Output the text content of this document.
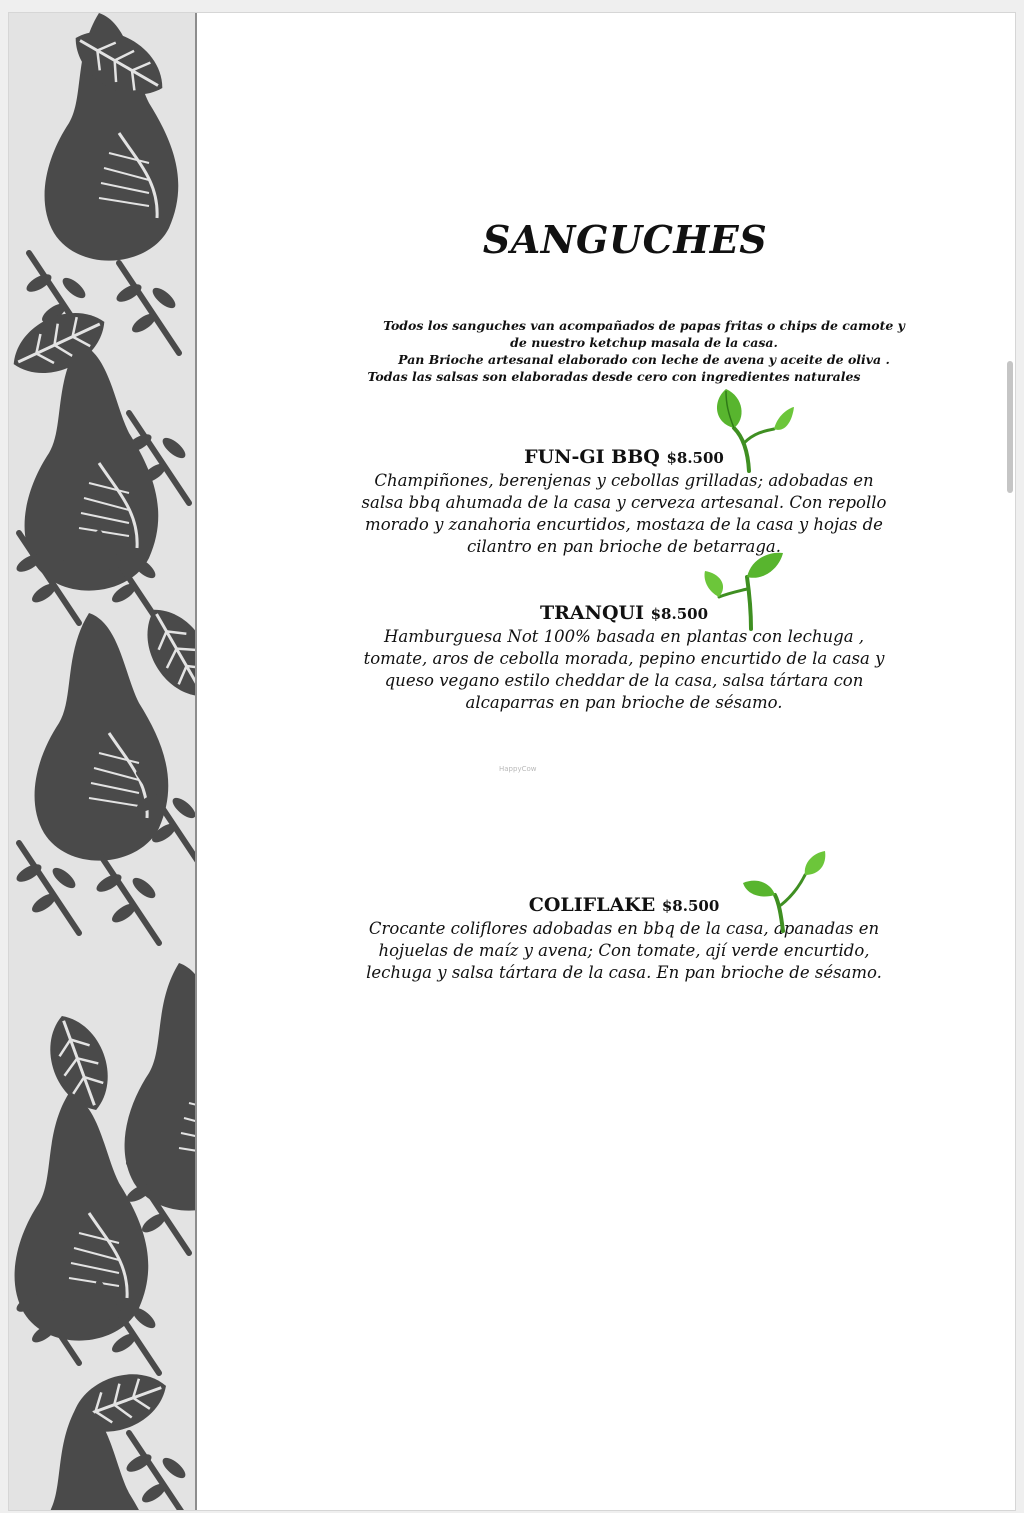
SANGUCHES
Todos los sanguches van acompañados de papas fritas o chips de camote y
de nuestro ketchup masala de la casa.
Pan Brioche artesanal elaborado con leche de avena y aceite de oliva .
Todas las salsas son elaboradas desde cero con ingredientes naturales
FUN-GI BBQ $8.500
Champiñones, berenjenas y cebollas grilladas; adobadas en salsa bbq ahumada de la casa y cerveza artesanal. Con repollo morado y zanahoria encurtidos, mostaza de la casa y hojas de cilantro en pan brioche de betarraga.
TRANQUI $8.500
Hamburguesa Not 100% basada en plantas con lechuga , tomate, aros de cebolla morada, pepino encurtido de la casa y queso vegano estilo cheddar de la casa, salsa tártara con alcaparras en pan brioche de sésamo.
HappyCow
COLIFLAKE $8.500
Crocante coliflores adobadas en bbq de la casa, apanadas en hojuelas de maíz y avena; Con tomate, ají verde encurtido, lechuga y salsa tártara de la casa. En pan brioche de sésamo.
